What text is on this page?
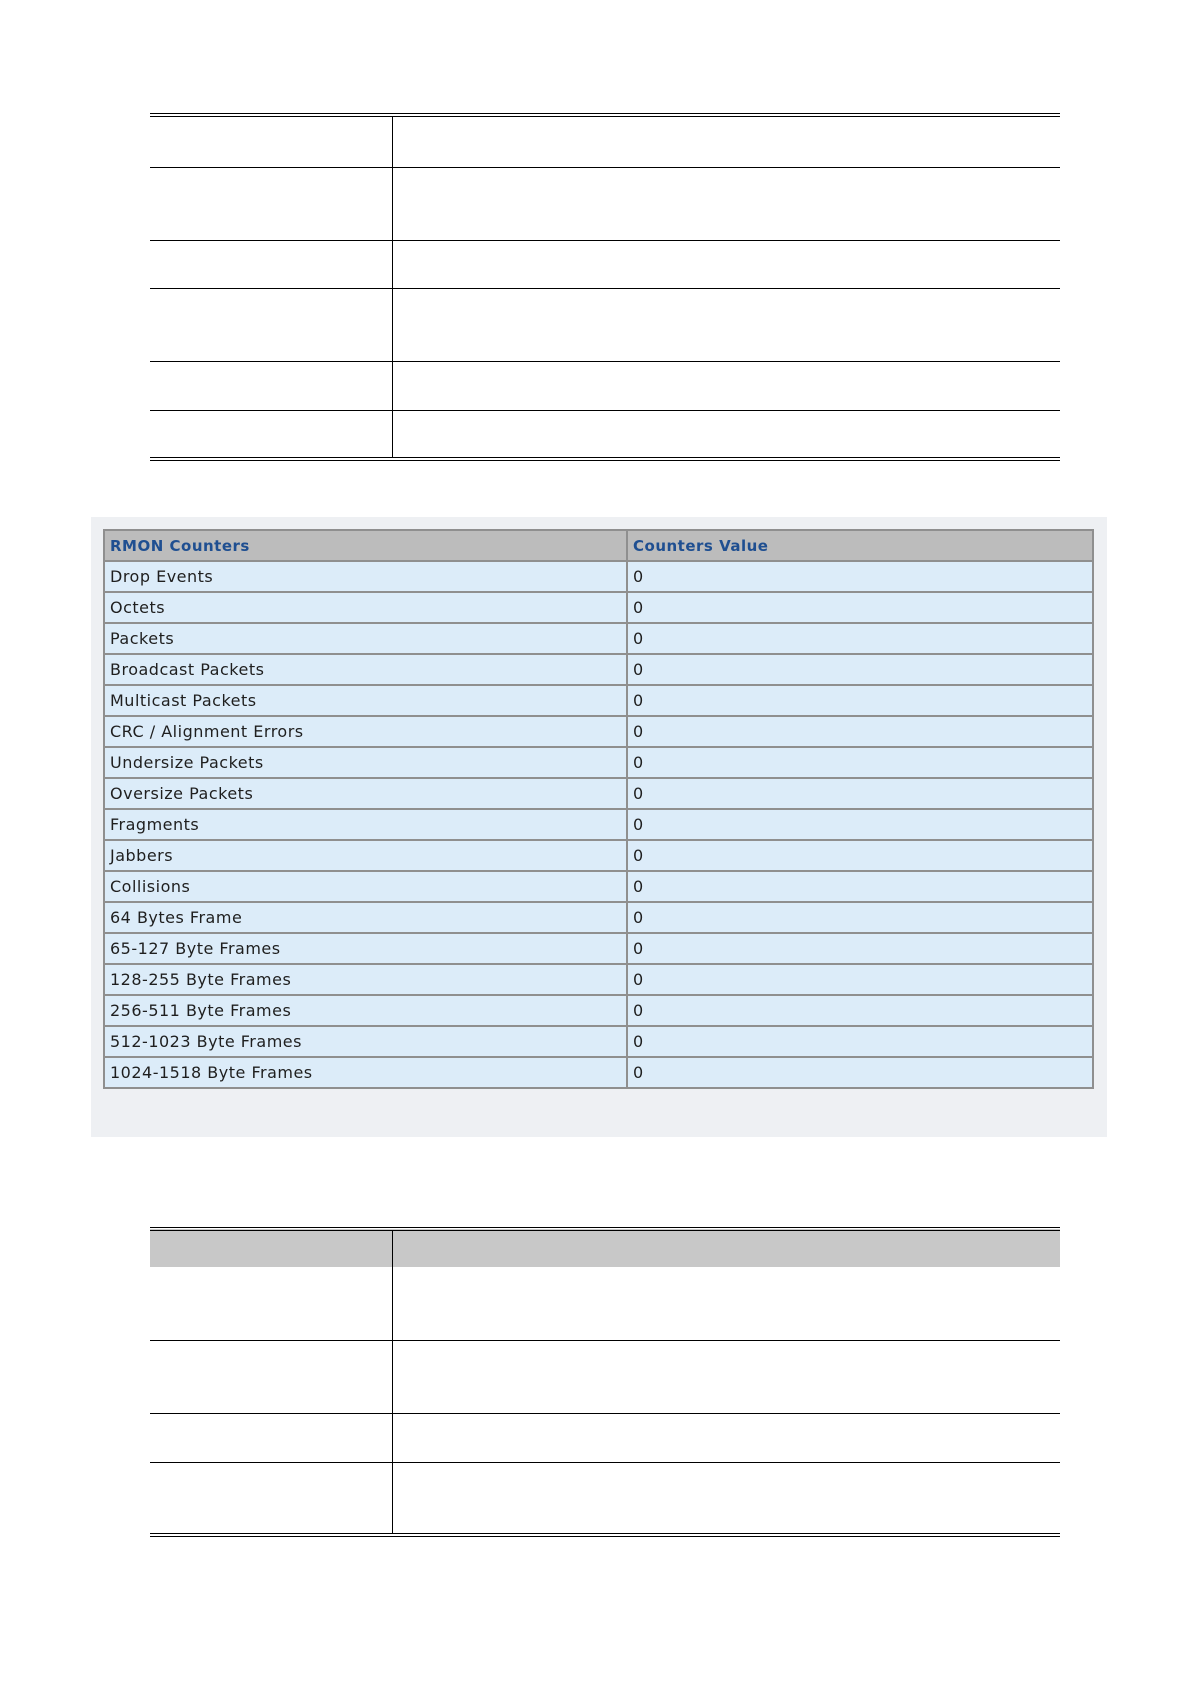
RMON Counters	Counters Value
Drop Events	0
Octets	0
Packets	0
Broadcast Packets	0
Multicast Packets	0
CRC / Alignment Errors	0
Undersize Packets	0
Oversize Packets	0
Fragments	0
Jabbers	0
Collisions	0
64 Bytes Frame	0
65-127 Byte Frames	0
128-255 Byte Frames	0
256-511 Byte Frames	0
512-1023 Byte Frames	0
1024-1518 Byte Frames	0
